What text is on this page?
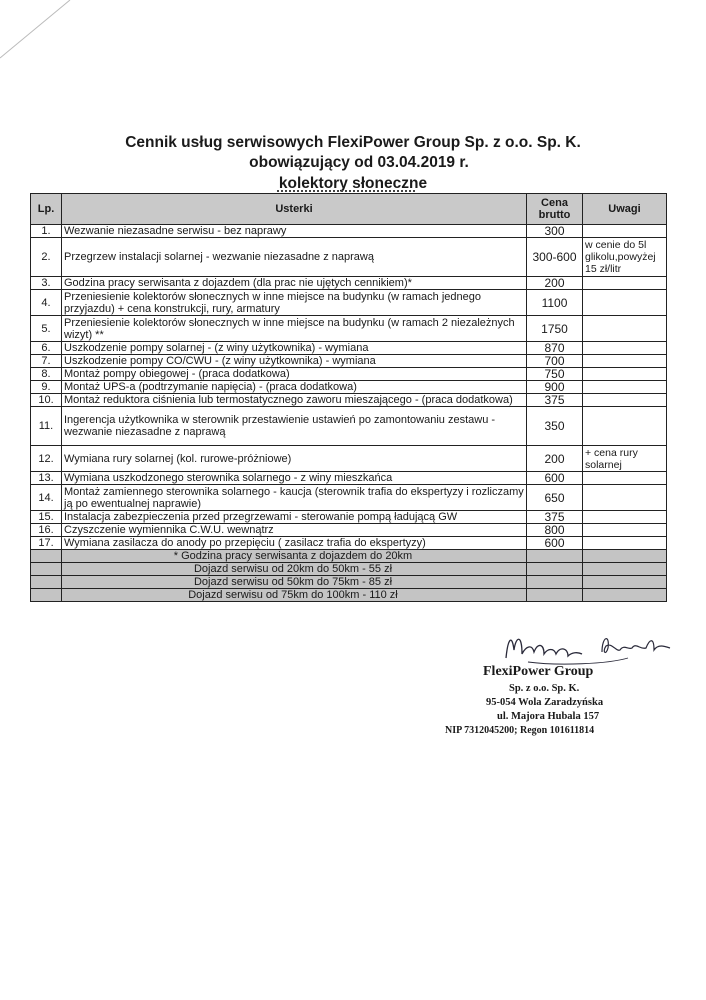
Cennik usług serwisowych FlexiPower Group Sp. z o.o. Sp. K.
obowiązujący od 03.04.2019 r.
kolektory słoneczne
Lp.	Usterki	Cena brutto	Uwagi
1.	Wezwanie niezasadne serwisu - bez naprawy	300	
2.	Przegrzew instalacji solarnej - wezwanie niezasadne z naprawą	300-600	w cenie do 5l glikolu,powyżej 15 zł/litr
3.	Godzina pracy serwisanta z dojazdem (dla prac nie ujętych cennikiem)*	200	
4.	Przeniesienie kolektorów słonecznych w inne miejsce na budynku (w ramach jednego przyjazdu) + cena konstrukcji, rury, armatury	1100	
5.	Przeniesienie kolektorów słonecznych w inne miejsce na budynku (w ramach 2 niezależnych wizyt) **	1750	
6.	Uszkodzenie pompy solarnej - (z winy użytkownika) - wymiana	870	
7.	Uszkodzenie pompy CO/CWU - (z winy użytkownika) - wymiana	700	
8.	Montaż pompy obiegowej - (praca dodatkowa)	750	
9.	Montaż UPS-a (podtrzymanie napięcia) - (praca dodatkowa)	900	
10.	Montaż reduktora ciśnienia lub termostatycznego zaworu mieszającego - (praca dodatkowa)	375	
11.	Ingerencja użytkownika w sterownik przestawienie ustawień po zamontowaniu zestawu - wezwanie niezasadne z naprawą	350	
12.	Wymiana rury solarnej (kol. rurowe-próżniowe)	200	+ cena rury solarnej
13.	Wymiana uszkodzonego sterownika solarnego - z winy mieszkańca	600	
14.	Montaż zamiennego sterownika solarnego - kaucja (sterownik trafia do ekspertyzy i rozliczamy ją po ewentualnej naprawie)	650	
15.	Instalacja zabezpieczenia przed przegrzewami - sterowanie pompą ładującą GW	375	
16.	Czyszczenie wymiennika C.W.U. wewnątrz	800	
17.	Wymiana zasilacza do anody po przepięciu ( zasilacz trafia do ekspertyzy)	600	
	* Godzina pracy serwisanta z dojazdem do 20km		
	Dojazd serwisu od 20km do 50km - 55 zł		
	Dojazd serwisu od 50km do 75km - 85 zł		
	Dojazd serwisu od 75km do 100km - 110 zł		
FlexiPower Group
Sp. z o.o. Sp. K.
95-054 Wola Zaradzyńska
ul. Majora Hubala 157
NIP 7312045200; Regon 101611814
